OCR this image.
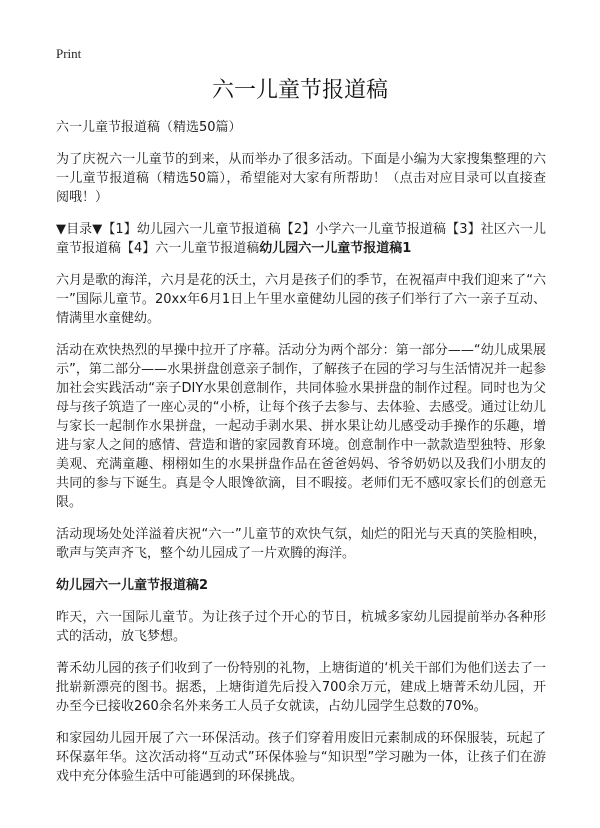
Print
六一儿童节报道稿

六一儿童节报道稿（精选50篇）

为了庆祝六一儿童节的到来，从而举办了很多活动。下面是小编为大家搜集整理的六一儿童节报道稿（精选50篇），希望能对大家有所帮助！（点击对应目录可以直接查阅哦！）

▼目录▼【1】幼儿园六一儿童节报道稿【2】小学六一儿童节报道稿【3】社区六一儿童节报道稿【4】六一儿童节报道稿幼儿园六一儿童节报道稿1

六月是歌的海洋，六月是花的沃土，六月是孩子们的季节，在祝福声中我们迎来了“六一”国际儿童节。20xx年6月1日上午里水童健幼儿园的孩子们举行了六一亲子互动、情满里水童健幼。

活动在欢快热烈的早操中拉开了序幕。活动分为两个部分：第一部分——“幼儿成果展示”，第二部分——水果拼盘创意亲子制作，了解孩子在园的学习与生活情况并一起参加社会实践活动“亲子DIY水果创意制作，共同体验水果拼盘的制作过程。同时也为父母与孩子筑造了一座心灵的“小桥，让每个孩子去参与、去体验、去感受。通过让幼儿与家长一起制作水果拼盘，一起动手剥水果、拼水果让幼儿感受动手操作的乐趣，增进与家人之间的感情、营造和谐的家园教育环境。创意制作中一款款造型独特、形象美观、充满童趣、栩栩如生的水果拼盘作品在爸爸妈妈、爷爷奶奶以及我们小朋友的共同的参与下诞生。真是令人眼馋欲滴，目不暇接。老师们无不感叹家长们的创意无限。

活动现场处处洋溢着庆祝“六一”儿童节的欢快气氛，灿烂的阳光与天真的笑脸相映，歌声与笑声齐飞，整个幼儿园成了一片欢腾的海洋。

幼儿园六一儿童节报道稿2

昨天，六一国际儿童节。为让孩子过个开心的节日，杭城多家幼儿园提前举办各种形式的活动，放飞梦想。

菁禾幼儿园的孩子们收到了一份特别的礼物，上塘街道的‘机关干部们为他们送去了一批崭新漂亮的图书。据悉，上塘街道先后投入700余万元，建成上塘菁禾幼儿园，开办至今已接收260余名外来务工人员子女就读，占幼儿园学生总数的70%。

和家园幼儿园开展了六一环保活动。孩子们穿着用废旧元素制成的环保服装，玩起了环保嘉年华。这次活动将“互动式”环保体验与“知识型”学习融为一体，让孩子们在游戏中充分体验生活中可能遇到的环保挑战。
